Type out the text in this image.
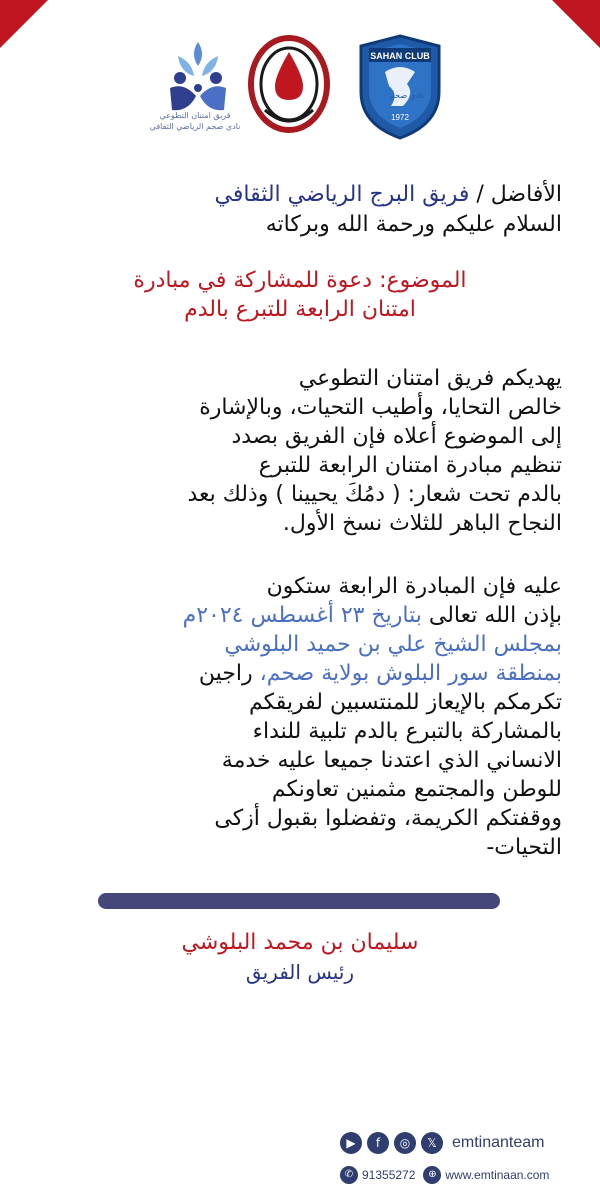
SAHAN CLUB
نادي صحم
1972
فريق امتنان التطوعي
نادي صحم الرياضي الثقافي
الأفاضل / فريق البرج الرياضي الثقافي
السلام عليكم ورحمة الله وبركاته
الموضوع: دعوة للمشاركة في مبادرة
امتنان الرابعة للتبرع بالدم
يهديكم فريق امتنان التطوعي
خالص التحايا، وأطيب التحيات، وبالإشارة
إلى الموضوع أعلاه فإن الفريق بصدد
تنظيم مبادرة امتنان الرابعة للتبرع
بالدم تحت شعار: ( دمُكَ يحيينا ) وذلك بعد
النجاح الباهر للثلاث نسخ الأول.
عليه فإن المبادرة الرابعة ستكون
بإذن الله تعالى بتاريخ ٢٣ أغسطس ٢٠٢٤م
بمجلس الشيخ علي بن حميد البلوشي
بمنطقة سور البلوش بولاية صحم، راجين
تكرمكم بالإيعاز للمنتسبين لفريقكم
بالمشاركة بالتبرع بالدم تلبية للنداء
الانساني الذي اعتدنا جميعا عليه خدمة
للوطن والمجتمع مثمنين تعاونكم
ووقفتكم الكريمة، وتفضلوا بقبول أزكى
التحيات-
سليمان بن محمد البلوشي
رئيس الفريق
▶	f	◎	𝕏 emtinanteam
✆ 91355272	⊕ www.emtinaan.com
